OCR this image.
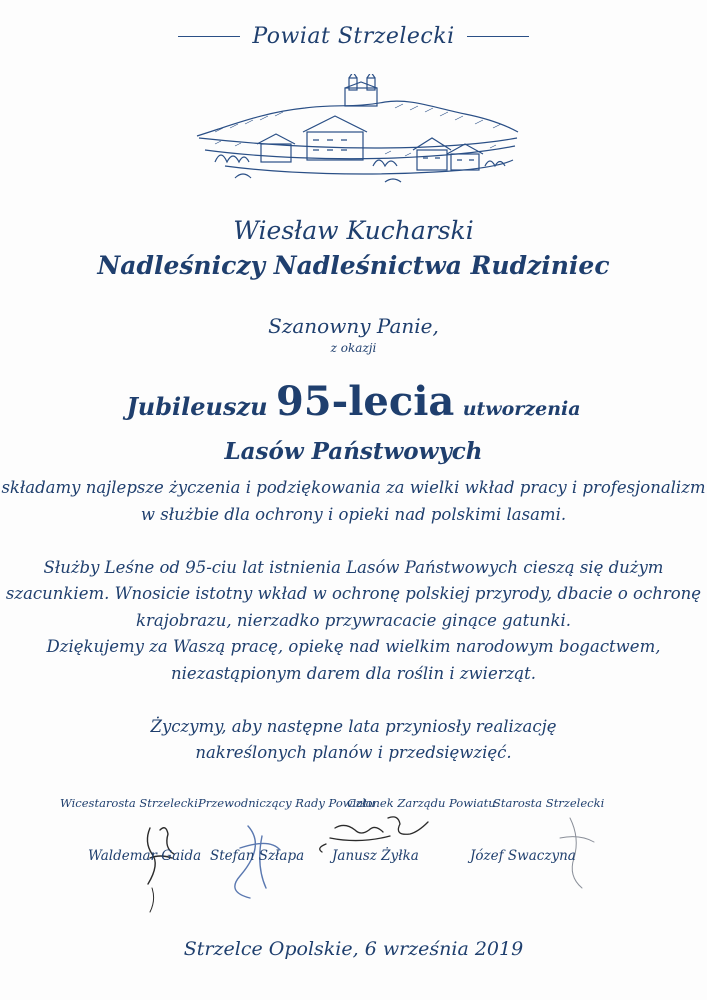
Powiat Strzelecki
Wiesław Kucharski
Nadleśniczy Nadleśnictwa Rudziniec
Szanowny Panie,
z okazji
Jubileuszu 95-lecia utworzenia
Lasów Państwowych
składamy najlepsze życzenia i podziękowania za wielki wkład pracy i profesjonalizm
w służbie dla ochrony i opieki nad polskimi lasami.
Służby Leśne od 95-ciu lat istnienia Lasów Państwowych cieszą się dużym
szacunkiem. Wnosicie istotny wkład w ochronę polskiej przyrody, dbacie o ochronę
krajobrazu, nierzadko przywracacie ginące gatunki.
Dziękujemy za Waszą pracę, opiekę nad wielkim narodowym bogactwem,
niezastąpionym darem dla roślin i zwierząt.
Życzymy, aby następne lata przyniosły realizację
nakreślonych planów i przedsięwzięć.
Wicestarosta Strzelecki Przewodniczący Rady Powiatu
Członek Zarządu Powiatu
Starosta Strzelecki
Waldemar Gaida Stefan Szłapa Janusz Żyłka	Józef Swaczyna
Strzelce Opolskie, 6 września 2019
